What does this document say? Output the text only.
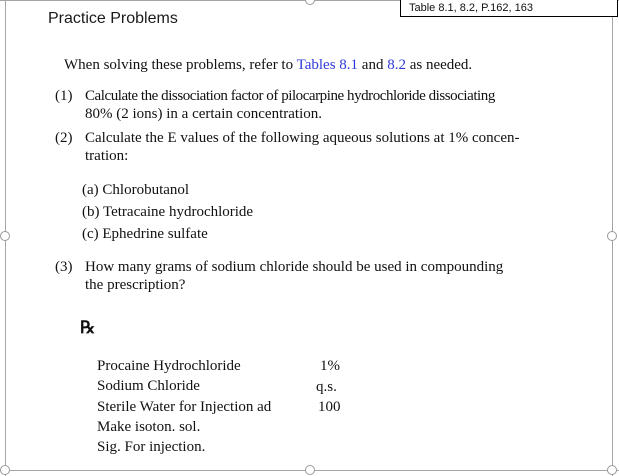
Table 8.1, 8.2, P.162, 163
Practice Problems
When solving these problems, refer to Tables 8.1 and 8.2 as needed.
(1) Calculate the dissociation factor of pilocarpine hydrochloride dissociating
80% (2 ions) in a certain concentration.
(2) Calculate the E values of the following aqueous solutions at 1% concen-
tration:
(a) Chlorobutanol
(b) Tetracaine hydrochloride
(c) Ephedrine sulfate
(3) How many grams of sodium chloride should be used in compounding
the prescription?
℞
Procaine Hydrochloride	1%
Sodium Chloride	q.s.
Sterile Water for Injection ad	100
Make isoton. sol.
Sig. For injection.
